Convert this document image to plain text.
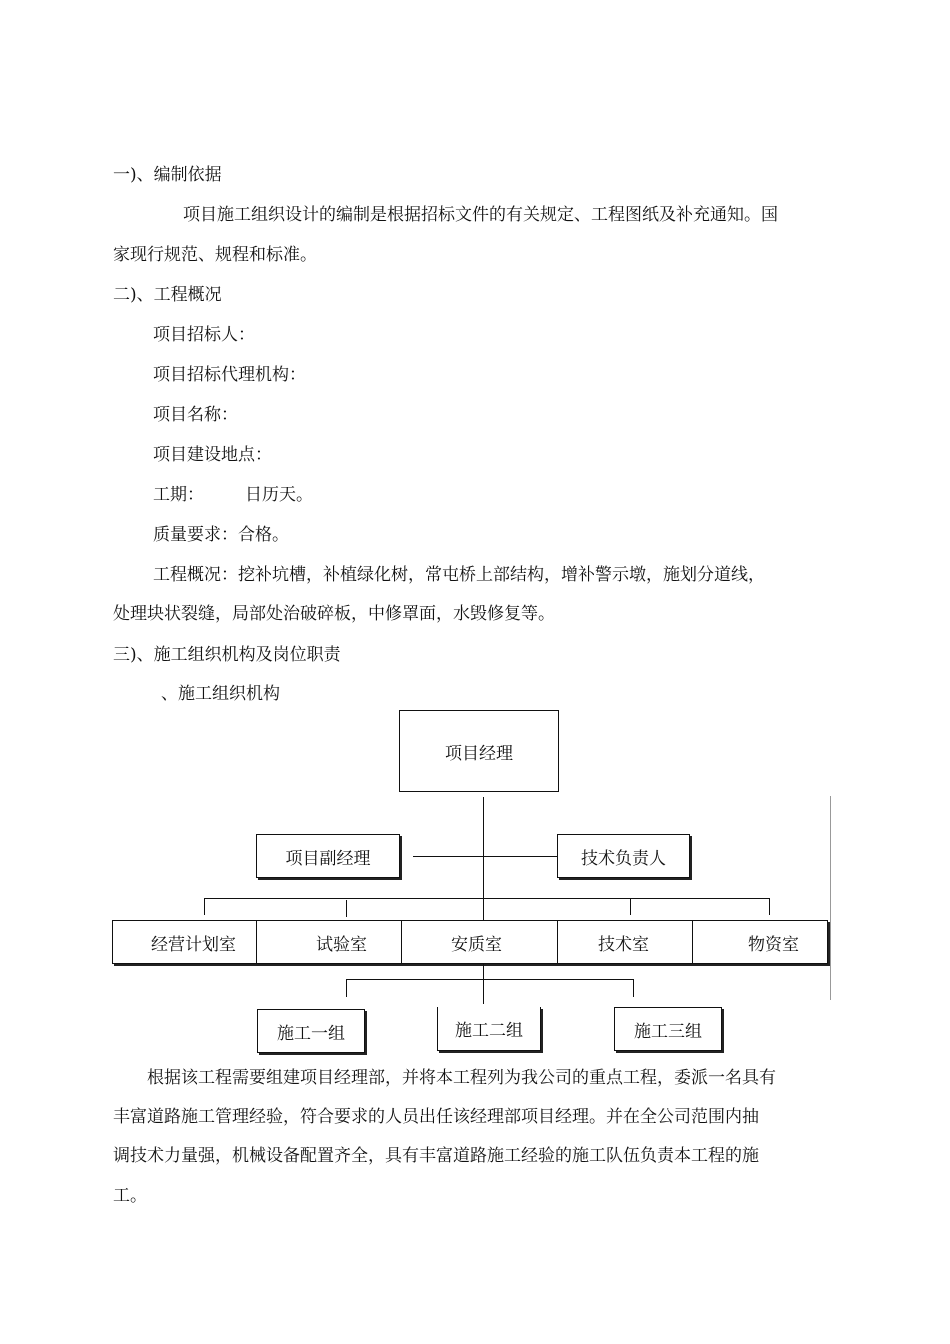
一)、编制依据
项目施工组织设计的编制是根据招标文件的有关规定、工程图纸及补充通知。国
家现行规范、规程和标准。
二)、工程概况
项目招标人：
项目招标代理机构：
项目名称：
项目建设地点：
工期： 日历天。
质量要求：合格。
工程概况：挖补坑槽，补植绿化树，常屯桥上部结构，增补警示墩，施划分道线，
处理块状裂缝，局部处治破碎板，中修罩面，水毁修复等。
三)、施工组织机构及岗位职责
、施工组织机构
项目经理
项目副经理	技术负责人
经营计划室	试验室	安质室	技术室	物资室
施工一组	施工二组	施工三组
根据该工程需要组建项目经理部，并将本工程列为我公司的重点工程，委派一名具有
丰富道路施工管理经验，符合要求的人员出任该经理部项目经理。并在全公司范围内抽
调技术力量强，机械设备配置齐全，具有丰富道路施工经验的施工队伍负责本工程的施
工。
